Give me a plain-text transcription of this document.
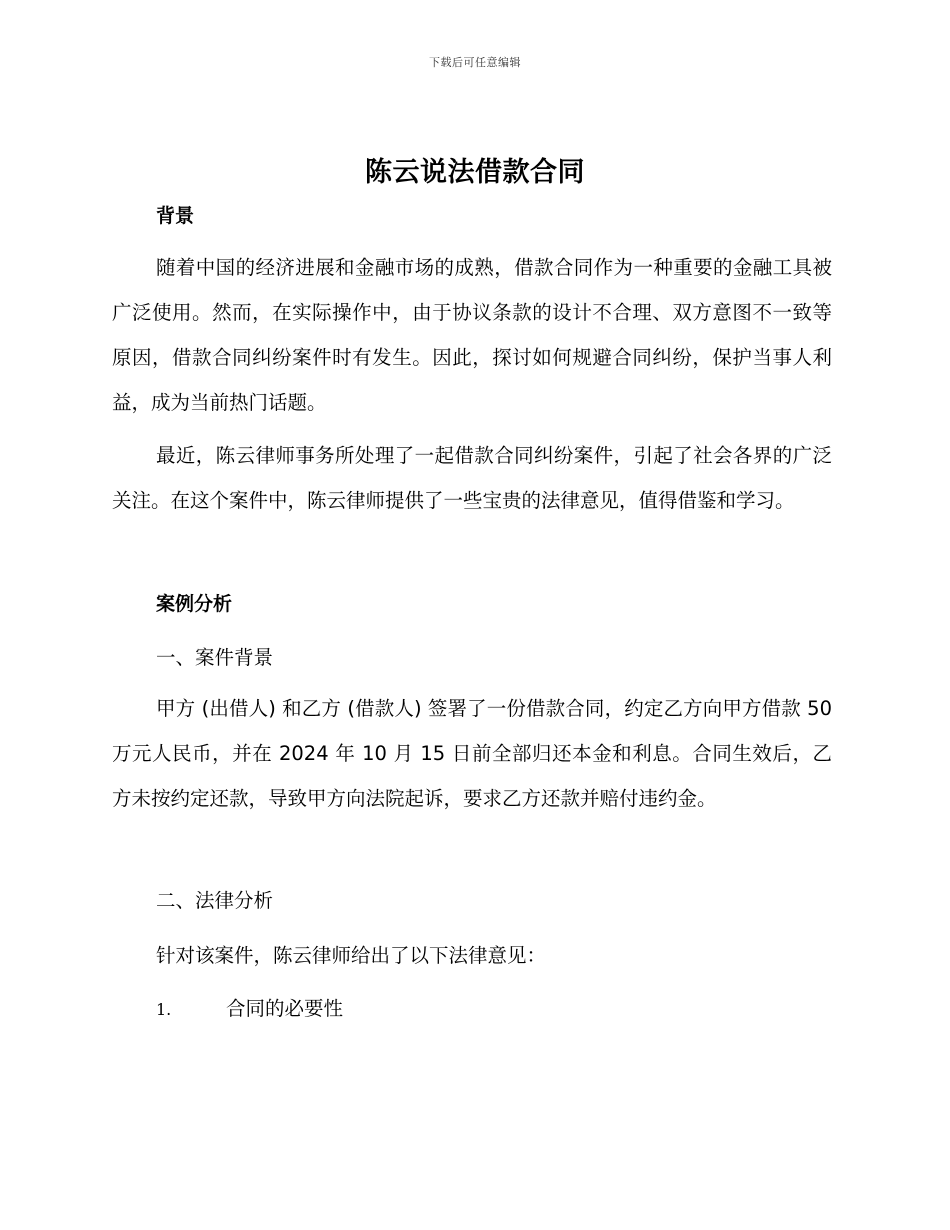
下载后可任意编辑
陈云说法借款合同
背景

随着中国的经济进展和金融市场的成熟，借款合同作为一种重要的金融工具被广泛使用。然而，在实际操作中，由于协议条款的设计不合理、双方意图不一致等原因，借款合同纠纷案件时有发生。因此，探讨如何规避合同纠纷，保护当事人利益，成为当前热门话题。

最近，陈云律师事务所处理了一起借款合同纠纷案件，引起了社会各界的广泛关注。在这个案件中，陈云律师提供了一些宝贵的法律意见，值得借鉴和学习。

案例分析
一、案件背景

甲方 (出借人) 和乙方 (借款人) 签署了一份借款合同，约定乙方向甲方借款 50 万元人民币，并在 2024 年 10 月 15 日前全部归还本金和利息。合同生效后，乙方未按约定还款，导致甲方向法院起诉，要求乙方还款并赔付违约金。

二、法律分析
针对该案件，陈云律师给出了以下法律意见：
1.	合同的必要性
